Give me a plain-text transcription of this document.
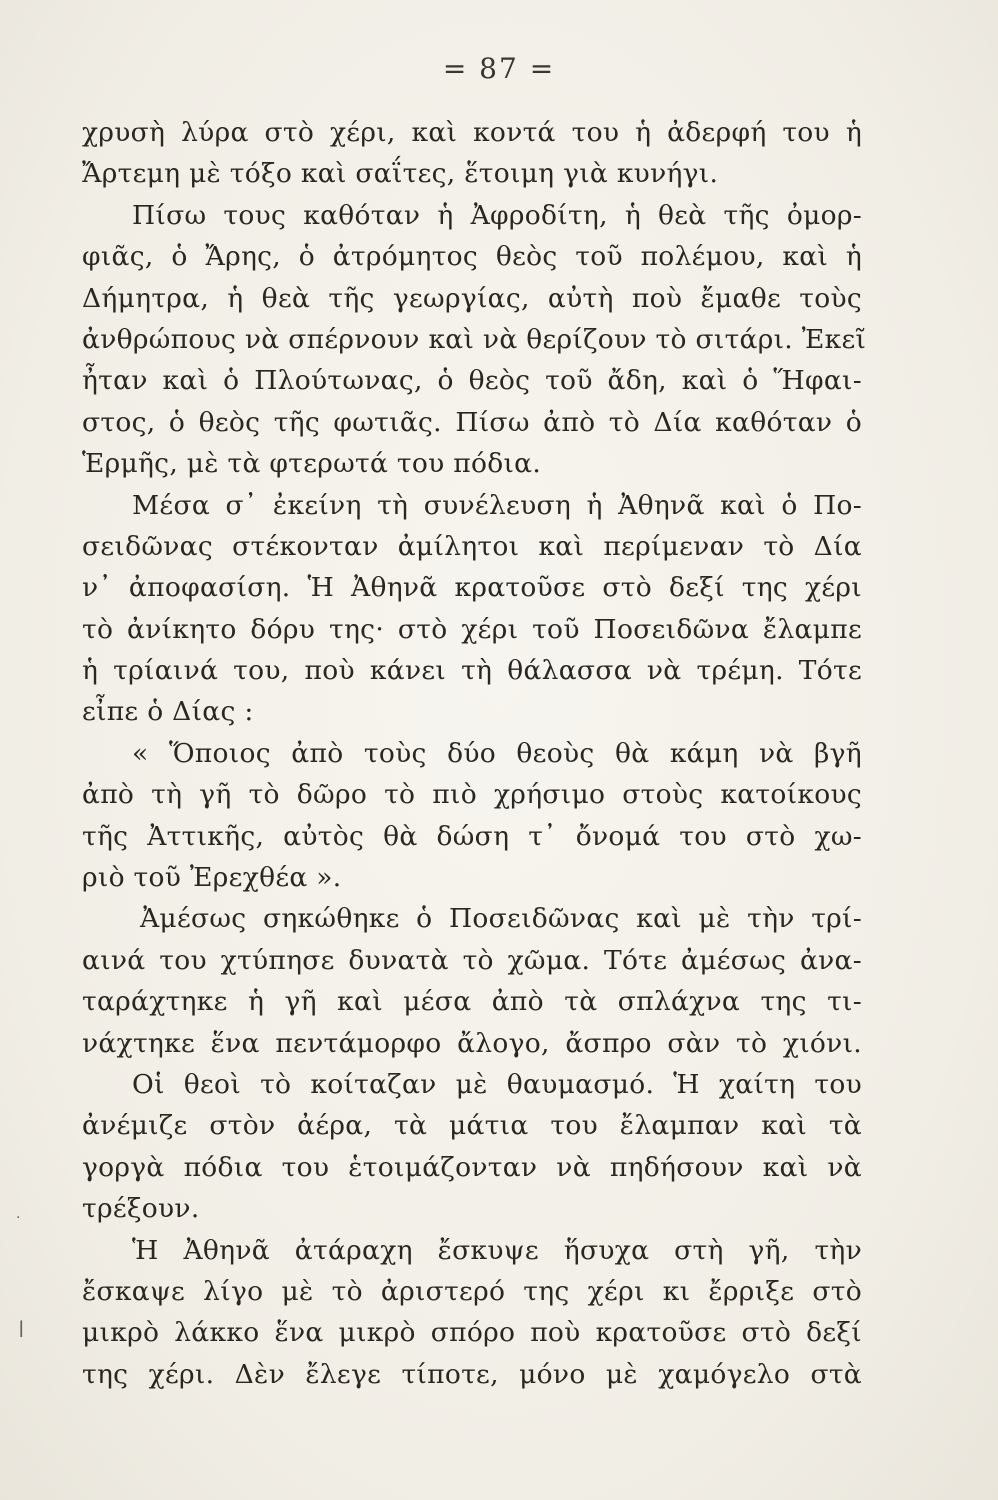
= 87 =
χρυσὴ λύρα στὸ χέρι, καὶ κοντά του ἡ ἀδερφή του ἡ
Ἄρτεμη μὲ τόξο καὶ σαΐτες, ἕτοιμη γιὰ κυνήγι.
Πίσω τους καθόταν ἡ Ἀφροδίτη, ἡ θεὰ τῆς ὀμορ-
φιᾶς, ὁ Ἄρης, ὁ ἀτρόμητος θεὸς τοῦ πολέμου, καὶ ἡ
Δήμητρα, ἡ θεὰ τῆς γεωργίας, αὐτὴ ποὺ ἔμαθε τοὺς
ἀνθρώπους νὰ σπέρνουν καὶ νὰ θερίζουν τὸ σιτάρι. Ἐκεῖ
ἦταν καὶ ὁ Πλούτωνας, ὁ θεὸς τοῦ ἄδη, καὶ ὁ Ἥφαι-
στος, ὁ θεὸς τῆς φωτιᾶς. Πίσω ἀπὸ τὸ Δία καθόταν ὁ
Ἑρμῆς, μὲ τὰ φτερωτά του πόδια.
Μέσα σ᾽ ἐκείνη τὴ συνέλευση ἡ Ἀθηνᾶ καὶ ὁ Πο-
σειδῶνας στέκονταν ἀμίλητοι καὶ περίμεναν τὸ Δία
ν᾽ ἀποφασίση. Ἡ Ἀθηνᾶ κρατοῦσε στὸ δεξί της χέρι
τὸ ἀνίκητο δόρυ της· στὸ χέρι τοῦ Ποσειδῶνα ἔλαμπε
ἡ τρίαινά του, ποὺ κάνει τὴ θάλασσα νὰ τρέμη. Τότε
εἶπε ὁ Δίας :
« Ὅποιος ἀπὸ τοὺς δύο θεοὺς θὰ κάμη νὰ βγῆ
ἀπὸ τὴ γῆ τὸ δῶρο τὸ πιὸ χρήσιμο στοὺς κατοίκους
τῆς Ἀττικῆς, αὐτὸς θὰ δώση τ᾽ ὄνομά του στὸ χω-
ριὸ τοῦ Ἐρεχθέα ».
Ἀμέσως σηκώθηκε ὁ Ποσειδῶνας καὶ μὲ τὴν τρί-
αινά του χτύπησε δυνατὰ τὸ χῶμα. Τότε ἀμέσως ἀνα-
ταράχτηκε ἡ γῆ καὶ μέσα ἀπὸ τὰ σπλάχνα της τι-
νάχτηκε ἕνα πεντάμορφο ἄλογο, ἄσπρο σὰν τὸ χιόνι.
Οἱ θεοὶ τὸ κοίταζαν μὲ θαυμασμό. Ἡ χαίτη του
ἀνέμιζε στὸν ἀέρα, τὰ μάτια του ἔλαμπαν καὶ τὰ
γοργὰ πόδια του ἑτοιμάζονταν νὰ πηδήσουν καὶ νὰ
τρέξουν.
Ἡ Ἀθηνᾶ ἀτάραχη ἔσκυψε ἥσυχα στὴ γῆ, τὴν
ἔσκαψε λίγο μὲ τὸ ἀριστερό της χέρι κι ἔρριξε στὸ
μικρὸ λάκκο ἕνα μικρὸ σπόρο ποὺ κρατοῦσε στὸ δεξί
της χέρι. Δὲν ἔλεγε τίποτε, μόνο μὲ χαμόγελο στὰ
ǀ
·
